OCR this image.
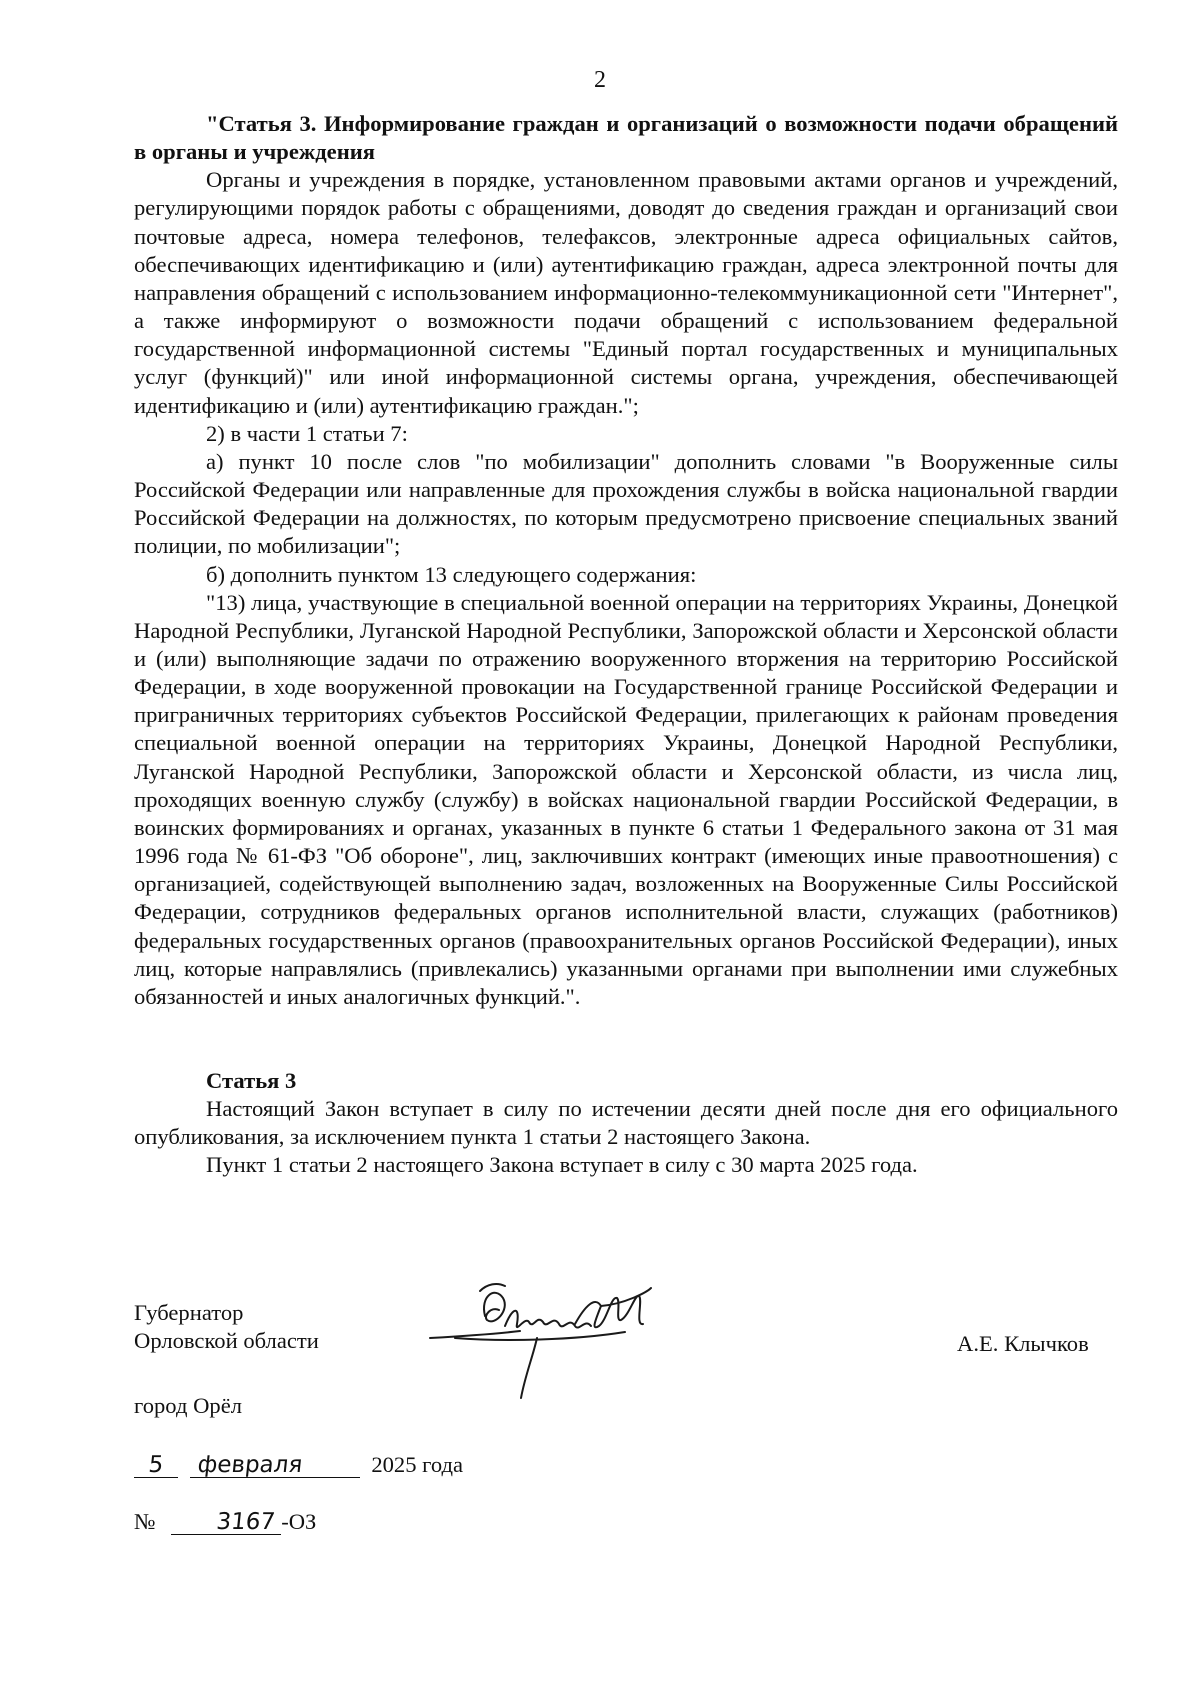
2

"Статья 3. Информирование граждан и организаций о возможности подачи обращений в органы и учреждения

Органы и учреждения в порядке, установленном правовыми актами органов и учреждений, регулирующими порядок работы с обращениями, доводят до сведения граждан и организаций свои почтовые адреса, номера телефонов, телефаксов, электронные адреса официальных сайтов, обеспечивающих идентификацию и (или) аутентификацию граждан, адреса электронной почты для направления обращений с использованием информационно-телекоммуникационной сети "Интернет", а также информируют о возможности подачи обращений с использованием федеральной государственной информационной системы "Единый портал государственных и муниципальных услуг (функций)" или иной информационной системы органа, учреждения, обеспечивающей идентификацию и (или) аутентификацию граждан.";

2) в части 1 статьи 7:

а) пункт 10 после слов "по мобилизации" дополнить словами "в Вооруженные силы Российской Федерации или направленные для прохождения службы в войска национальной гвардии Российской Федерации на должностях, по которым предусмотрено присвоение специальных званий полиции, по мобилизации";

б) дополнить пунктом 13 следующего содержания:

"13) лица, участвующие в специальной военной операции на территориях Украины, Донецкой Народной Республики, Луганской Народной Республики, Запорожской области и Херсонской области и (или) выполняющие задачи по отражению вооруженного вторжения на территорию Российской Федерации, в ходе вооруженной провокации на Государственной границе Российской Федерации и приграничных территориях субъектов Российской Федерации, прилегающих к районам проведения специальной военной операции на территориях Украины, Донецкой Народной Республики, Луганской Народной Республики, Запорожской области и Херсонской области, из числа лиц, проходящих военную службу (службу) в войсках национальной гвардии Российской Федерации, в воинских формированиях и органах, указанных в пункте 6 статьи 1 Федерального закона от 31 мая 1996 года № 61-ФЗ "Об обороне", лиц, заключивших контракт (имеющих иные правоотношения) с организацией, содействующей выполнению задач, возложенных на Вооруженные Силы Российской Федерации, сотрудников федеральных органов исполнительной власти, служащих (работников) федеральных государственных органов (правоохранительных органов Российской Федерации), иных лиц, которые направлялись (привлекались) указанными органами при выполнении ими служебных обязанностей и иных аналогичных функций.".

Статья 3

Настоящий Закон вступает в силу по истечении десяти дней после дня его официального опубликования, за исключением пункта 1 статьи 2 настоящего Закона.

Пункт 1 статьи 2 настоящего Закона вступает в силу с 30 марта 2025 года.

Губернатор
Орловской области	А.Е. Клычков
город Орёл
5 февраля	2025 года
№	3167 -ОЗ
